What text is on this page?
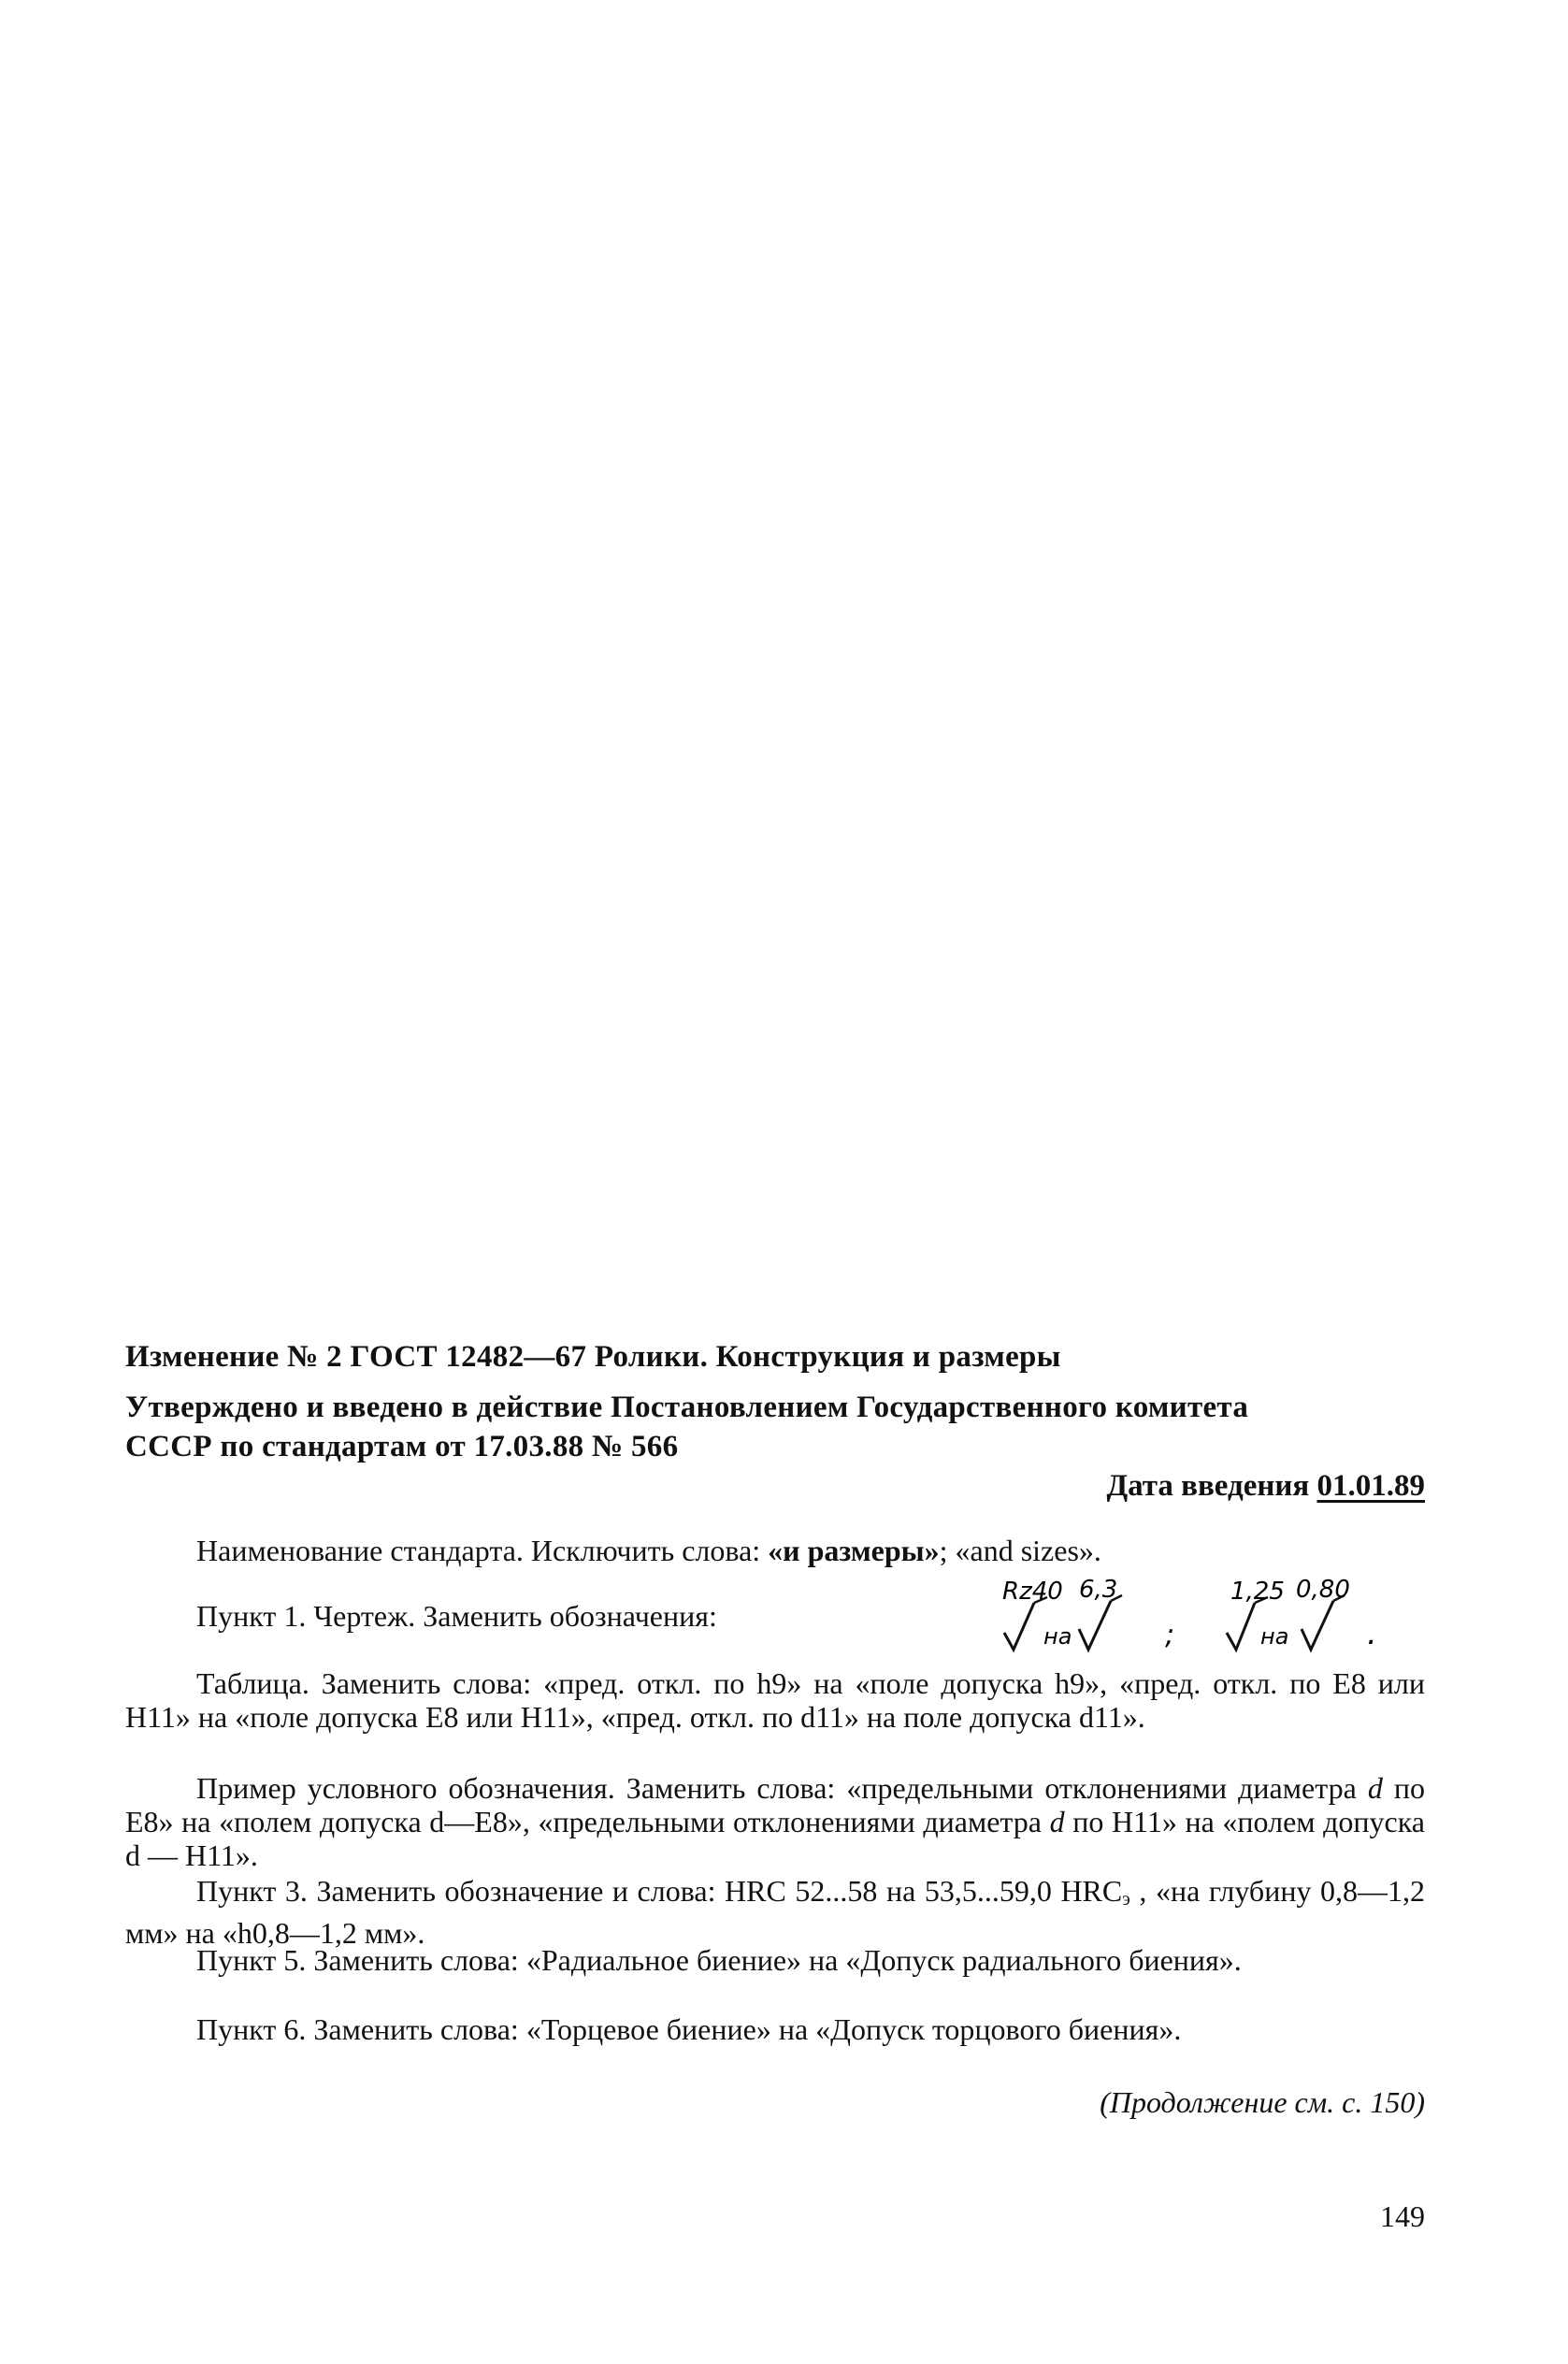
Изменение № 2 ГОСТ 12482—67 Ролики. Конструкция и размеры
Утверждено и введено в действие Постановлением Государственного комитета
СССР по стандартам от 17.03.88 № 566
Дата введения 01.01.89

Наименование стандарта. Исключить слова: «и размеры»; «and sizes».

Пункт 1. Чертеж. Заменить обозначения:
Rz40
на
6,3
;
1,25
на
0,80
.

Таблица. Заменить слова: «пред. откл. по h9» на «поле допуска h9», «пред. откл. по E8 или H11» на «поле допуска E8 или H11», «пред. откл. по d11» на поле допуска d11».

Пример условного обозначения. Заменить слова: «предельными отклонениями диаметра d по E8» на «полем допуска d—E8», «предельными отклонениями диаметра d по H11» на «полем допуска d — H11».

Пункт 3. Заменить обозначение и слова: HRC 52...58 на 53,5...59,0 $HRC_э$ , «на глубину 0,8—1,2 мм» на «h0,8—1,2 мм».

Пункт 5. Заменить слова: «Радиальное биение» на «Допуск радиального биения».

Пункт 6. Заменить слова: «Торцевое биение» на «Допуск торцового биения».

(Продолжение см. с. 150)
149
